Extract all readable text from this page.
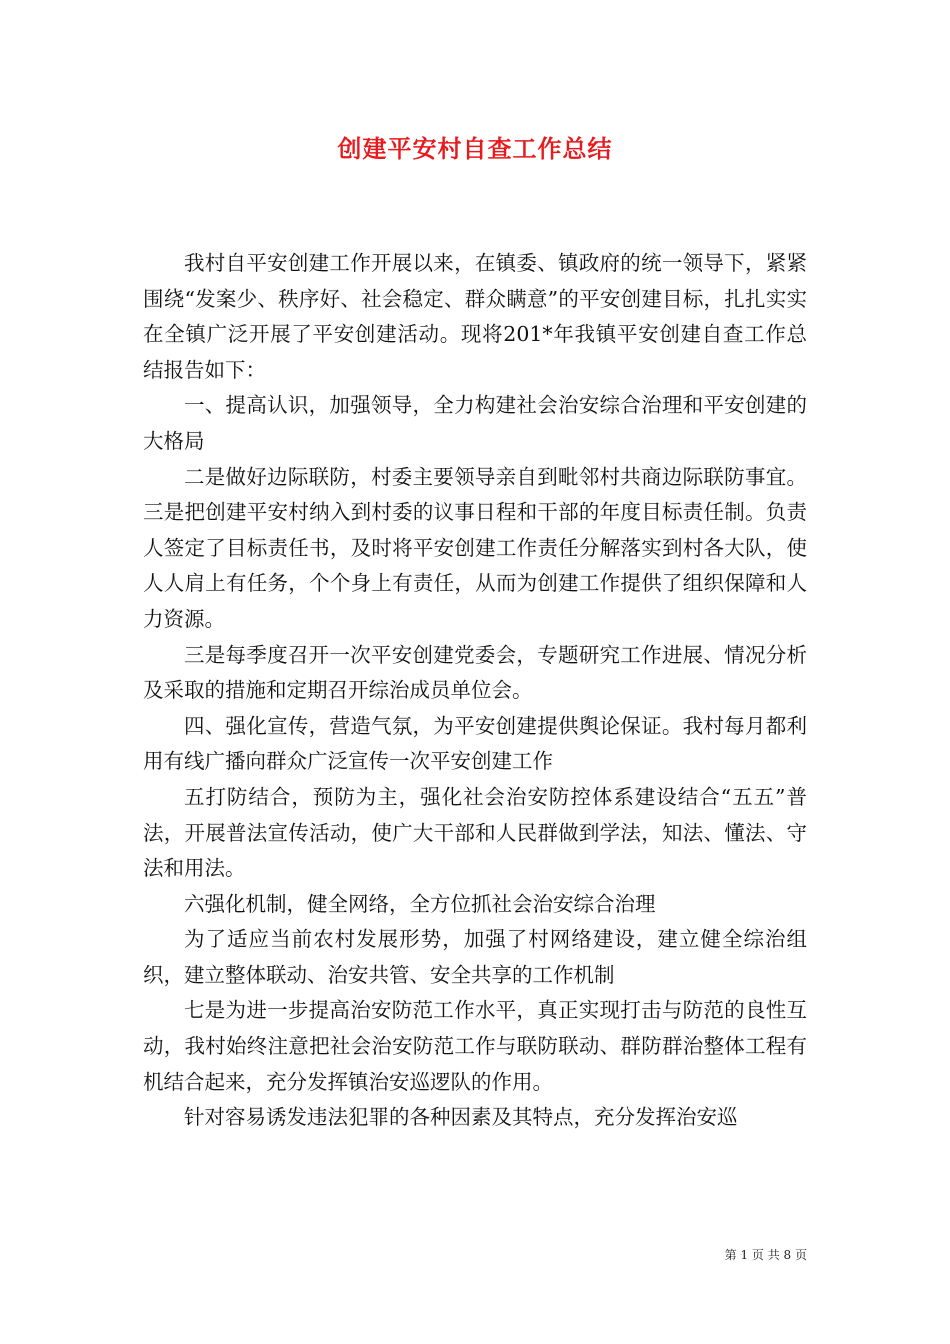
创建平安村自查工作总结

我村自平安创建工作开展以来，在镇委、镇政府的统一领导下，紧紧围绕“发案少、秩序好、社会稳定、群众瞒意”的平安创建目标，扎扎实实在全镇广泛开展了平安创建活动。现将201*年我镇平安创建自查工作总结报告如下：

一、提高认识，加强领导，全力构建社会治安综合治理和平安创建的大格局

二是做好边际联防，村委主要领导亲自到毗邻村共商边际联防事宜。三是把创建平安村纳入到村委的议事日程和干部的年度目标责任制。负责人签定了目标责任书，及时将平安创建工作责任分解落实到村各大队，使人人肩上有任务，个个身上有责任，从而为创建工作提供了组织保障和人力资源。

三是每季度召开一次平安创建党委会，专题研究工作进展、情况分析及采取的措施和定期召开综治成员单位会。

四、强化宣传，营造气氛，为平安创建提供舆论保证。我村每月都利用有线广播向群众广泛宣传一次平安创建工作

五打防结合，预防为主，强化社会治安防控体系建设结合“五五”普法，开展普法宣传活动，使广大干部和人民群做到学法，知法、懂法、守法和用法。

六强化机制，健全网络，全方位抓社会治安综合治理

为了适应当前农村发展形势，加强了村网络建设，建立健全综治组织，建立整体联动、治安共管、安全共享的工作机制

七是为进一步提高治安防范工作水平，真正实现打击与防范的良性互动，我村始终注意把社会治安防范工作与联防联动、群防群治整体工程有机结合起来，充分发挥镇治安巡逻队的作用。

针对容易诱发违法犯罪的各种因素及其特点，充分发挥治安巡

第 1 页 共 8 页
